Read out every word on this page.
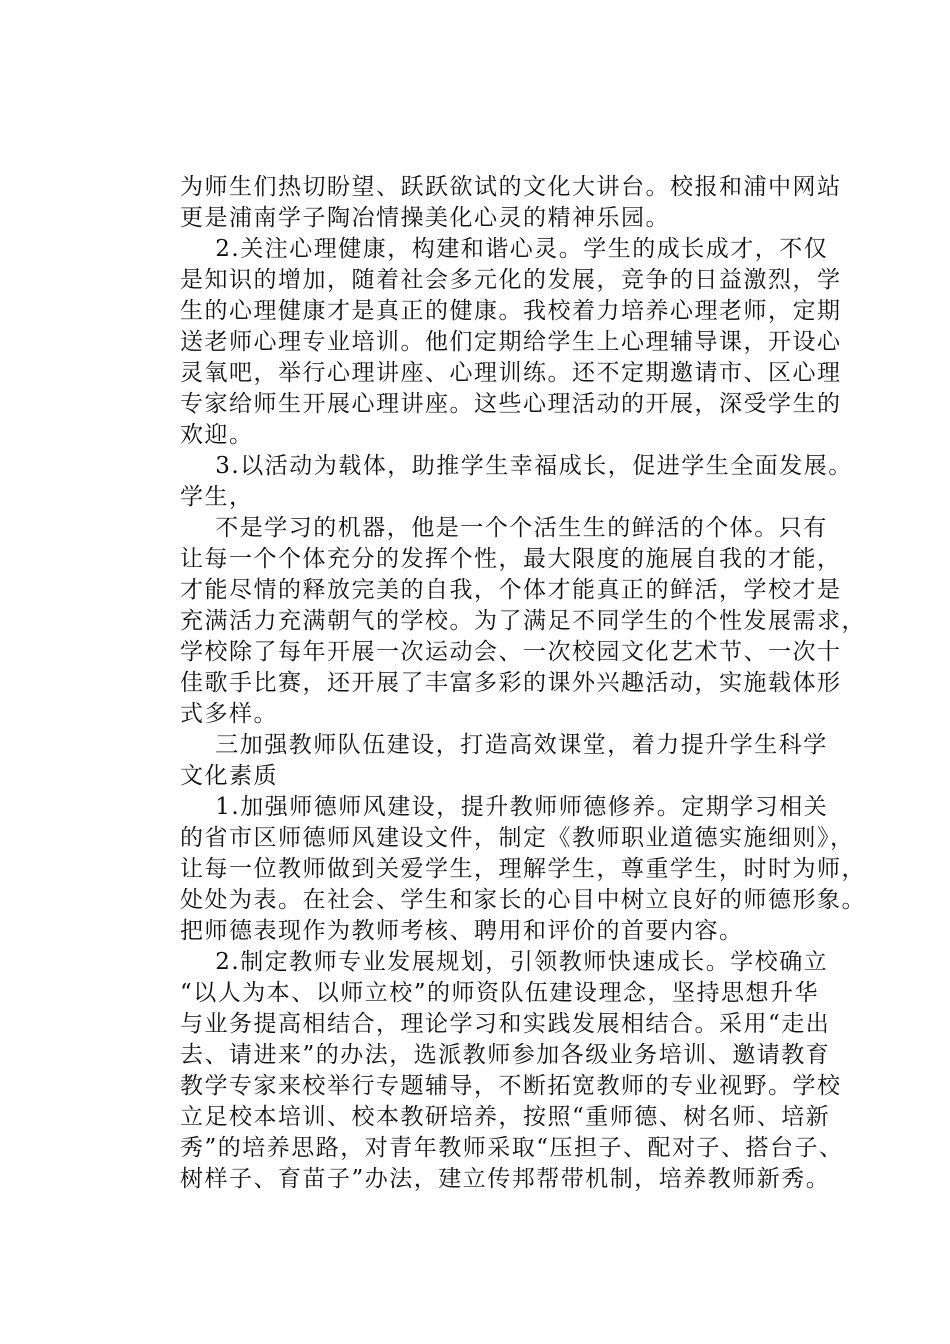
为师生们热切盼望、跃跃欲试的文化大讲台。校报和浦中网站
更是浦南学子陶冶情操美化心灵的精神乐园。
2.关注心理健康，构建和谐心灵。学生的成长成才，不仅
是知识的增加，随着社会多元化的发展，竞争的日益激烈，学
生的心理健康才是真正的健康。我校着力培养心理老师，定期
送老师心理专业培训。他们定期给学生上心理辅导课，开设心
灵氧吧，举行心理讲座、心理训练。还不定期邀请市、区心理
专家给师生开展心理讲座。这些心理活动的开展，深受学生的
欢迎。
3.以活动为载体，助推学生幸福成长，促进学生全面发展。
学生，
不是学习的机器，他是一个个活生生的鲜活的个体。只有
让每一个个体充分的发挥个性，最大限度的施展自我的才能，
才能尽情的释放完美的自我，个体才能真正的鲜活，学校才是
充满活力充满朝气的学校。为了满足不同学生的个性发展需求，
学校除了每年开展一次运动会、一次校园文化艺术节、一次十
佳歌手比赛，还开展了丰富多彩的课外兴趣活动，实施载体形
式多样。
三加强教师队伍建设，打造高效课堂，着力提升学生科学
文化素质
1.加强师德师风建设，提升教师师德修养。定期学习相关
的省市区师德师风建设文件，制定《教师职业道德实施细则》，
让每一位教师做到关爱学生，理解学生，尊重学生，时时为师，
处处为表。在社会、学生和家长的心目中树立良好的师德形象。
把师德表现作为教师考核、聘用和评价的首要内容。
2.制定教师专业发展规划，引领教师快速成长。学校确立
“以人为本、以师立校”的师资队伍建设理念，坚持思想升华
与业务提高相结合，理论学习和实践发展相结合。采用“走出
去、请进来”的办法，选派教师参加各级业务培训、邀请教育
教学专家来校举行专题辅导，不断拓宽教师的专业视野。学校
立足校本培训、校本教研培养，按照“重师德、树名师、培新
秀”的培养思路，对青年教师采取“压担子、配对子、搭台子、
树样子、育苗子”办法，建立传邦帮带机制，培养教师新秀。
